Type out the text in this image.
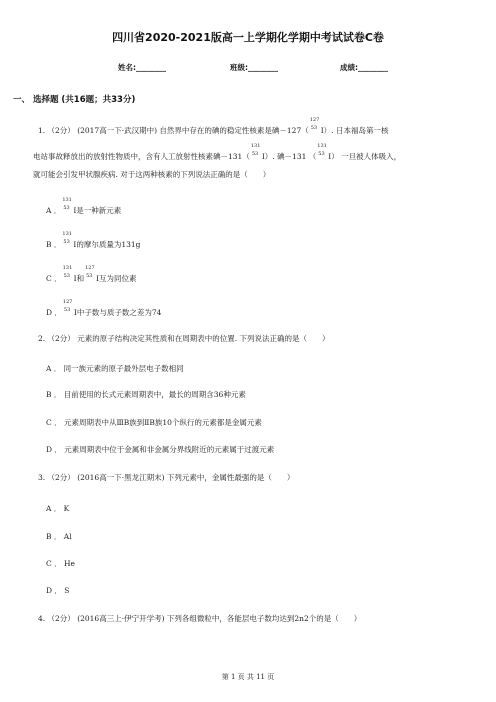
四川省2020-2021版高一上学期化学期中考试试卷C卷
姓名:________	班级:________	成绩:________
一、 选择题 (共16题；共33分)
1. （2分） (2017高一下·武汉期中) 自然界中存在的碘的稳定性核素是碘－127（
127
53 I）. 日本福岛第一核
电站事故释放出的放射性物质中，含有人工放射性核素碘－131（
131
53 I）. 碘－131 （
131
53 I） 一旦被人体吸入，
就可能会引发甲状腺疾病. 对于这两种核素的下列说法正确的是（　　）
A ．
131
53 I是一种新元素
B ．
131
53 I的摩尔质量为131g
C ．
131
53 I和
127
53 I互为同位素
D ．
127
53 I中子数与质子数之差为74
2. （2分） 元素的原子结构决定其性质和在周期表中的位置. 下列说法正确的是（　　）
A ． 同一族元素的原子最外层电子数相同
B ． 目前使用的长式元素周期表中，最长的周期含36种元素
C ． 元素周期表中从ⅢB族到ⅡB族10个纵行的元素都是金属元素
D ． 元素周期表中位于金属和非金属分界线附近的元素属于过渡元素
3. （2分） (2016高一下·黑龙江期末) 下列元素中，金属性最强的是（　　）
A ． K
B ． Al
C ． He
D ． S
4. （2分） (2016高三上·伊宁开学考) 下列各组微粒中，各能层电子数均达到2n2个的是（　　）
第 1 页 共 11 页
